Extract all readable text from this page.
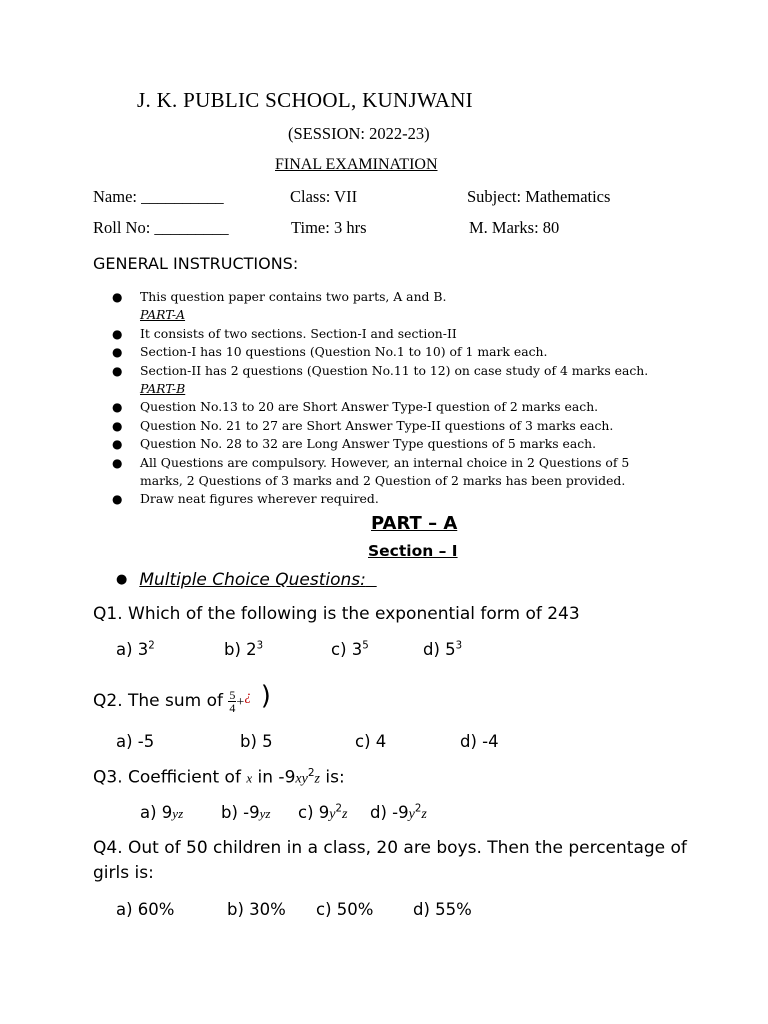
J. K. PUBLIC SCHOOL, KUNJWANI
(SESSION: 2022-23)
FINAL EXAMINATION
Name: __________	Class: VII	Subject: Mathematics
Roll No: _________	Time: 3 hrs	M. Marks: 80
GENERAL INSTRUCTIONS:
● This question paper contains two parts, A and B.
PART-A
● It consists of two sections. Section-I and section-II
● Section-I has 10 questions (Question No.1 to 10) of 1 mark each.
● Section-II has 2 questions (Question No.11 to 12) on case study of 4 marks each.
PART-B
● Question No.13 to 20 are Short Answer Type-I question of 2 marks each.
● Question No. 21 to 27 are Short Answer Type-II questions of 3 marks each.
● Question No. 28 to 32 are Long Answer Type questions of 5 marks each.
● All Questions are compulsory. However, an internal choice in 2 Questions of 5
marks, 2 Questions of 3 marks and 2 Question of 2 marks has been provided.
● Draw neat figures wherever required.
PART – A
Section – I
● Multiple Choice Questions:
Q1. Which of the following is the exponential form of 243
a) $3^2$	b) $2^3$	c) $3^5$	d) $5^3$
Q2. The sum of $\frac{5}{4} +^¿$ )
a) -5	b) 5	c) 4	d) -4
Q3. Coefficient of x in $-9xy^2z$ is:
a) 9yz b) -9yz c) $9y^2z$ d) $-9y^2z$
Q4. Out of 50 children in a class, 20 are boys. Then the percentage of
girls is:
a) 60%	b) 30% c) 50% d) 55%
